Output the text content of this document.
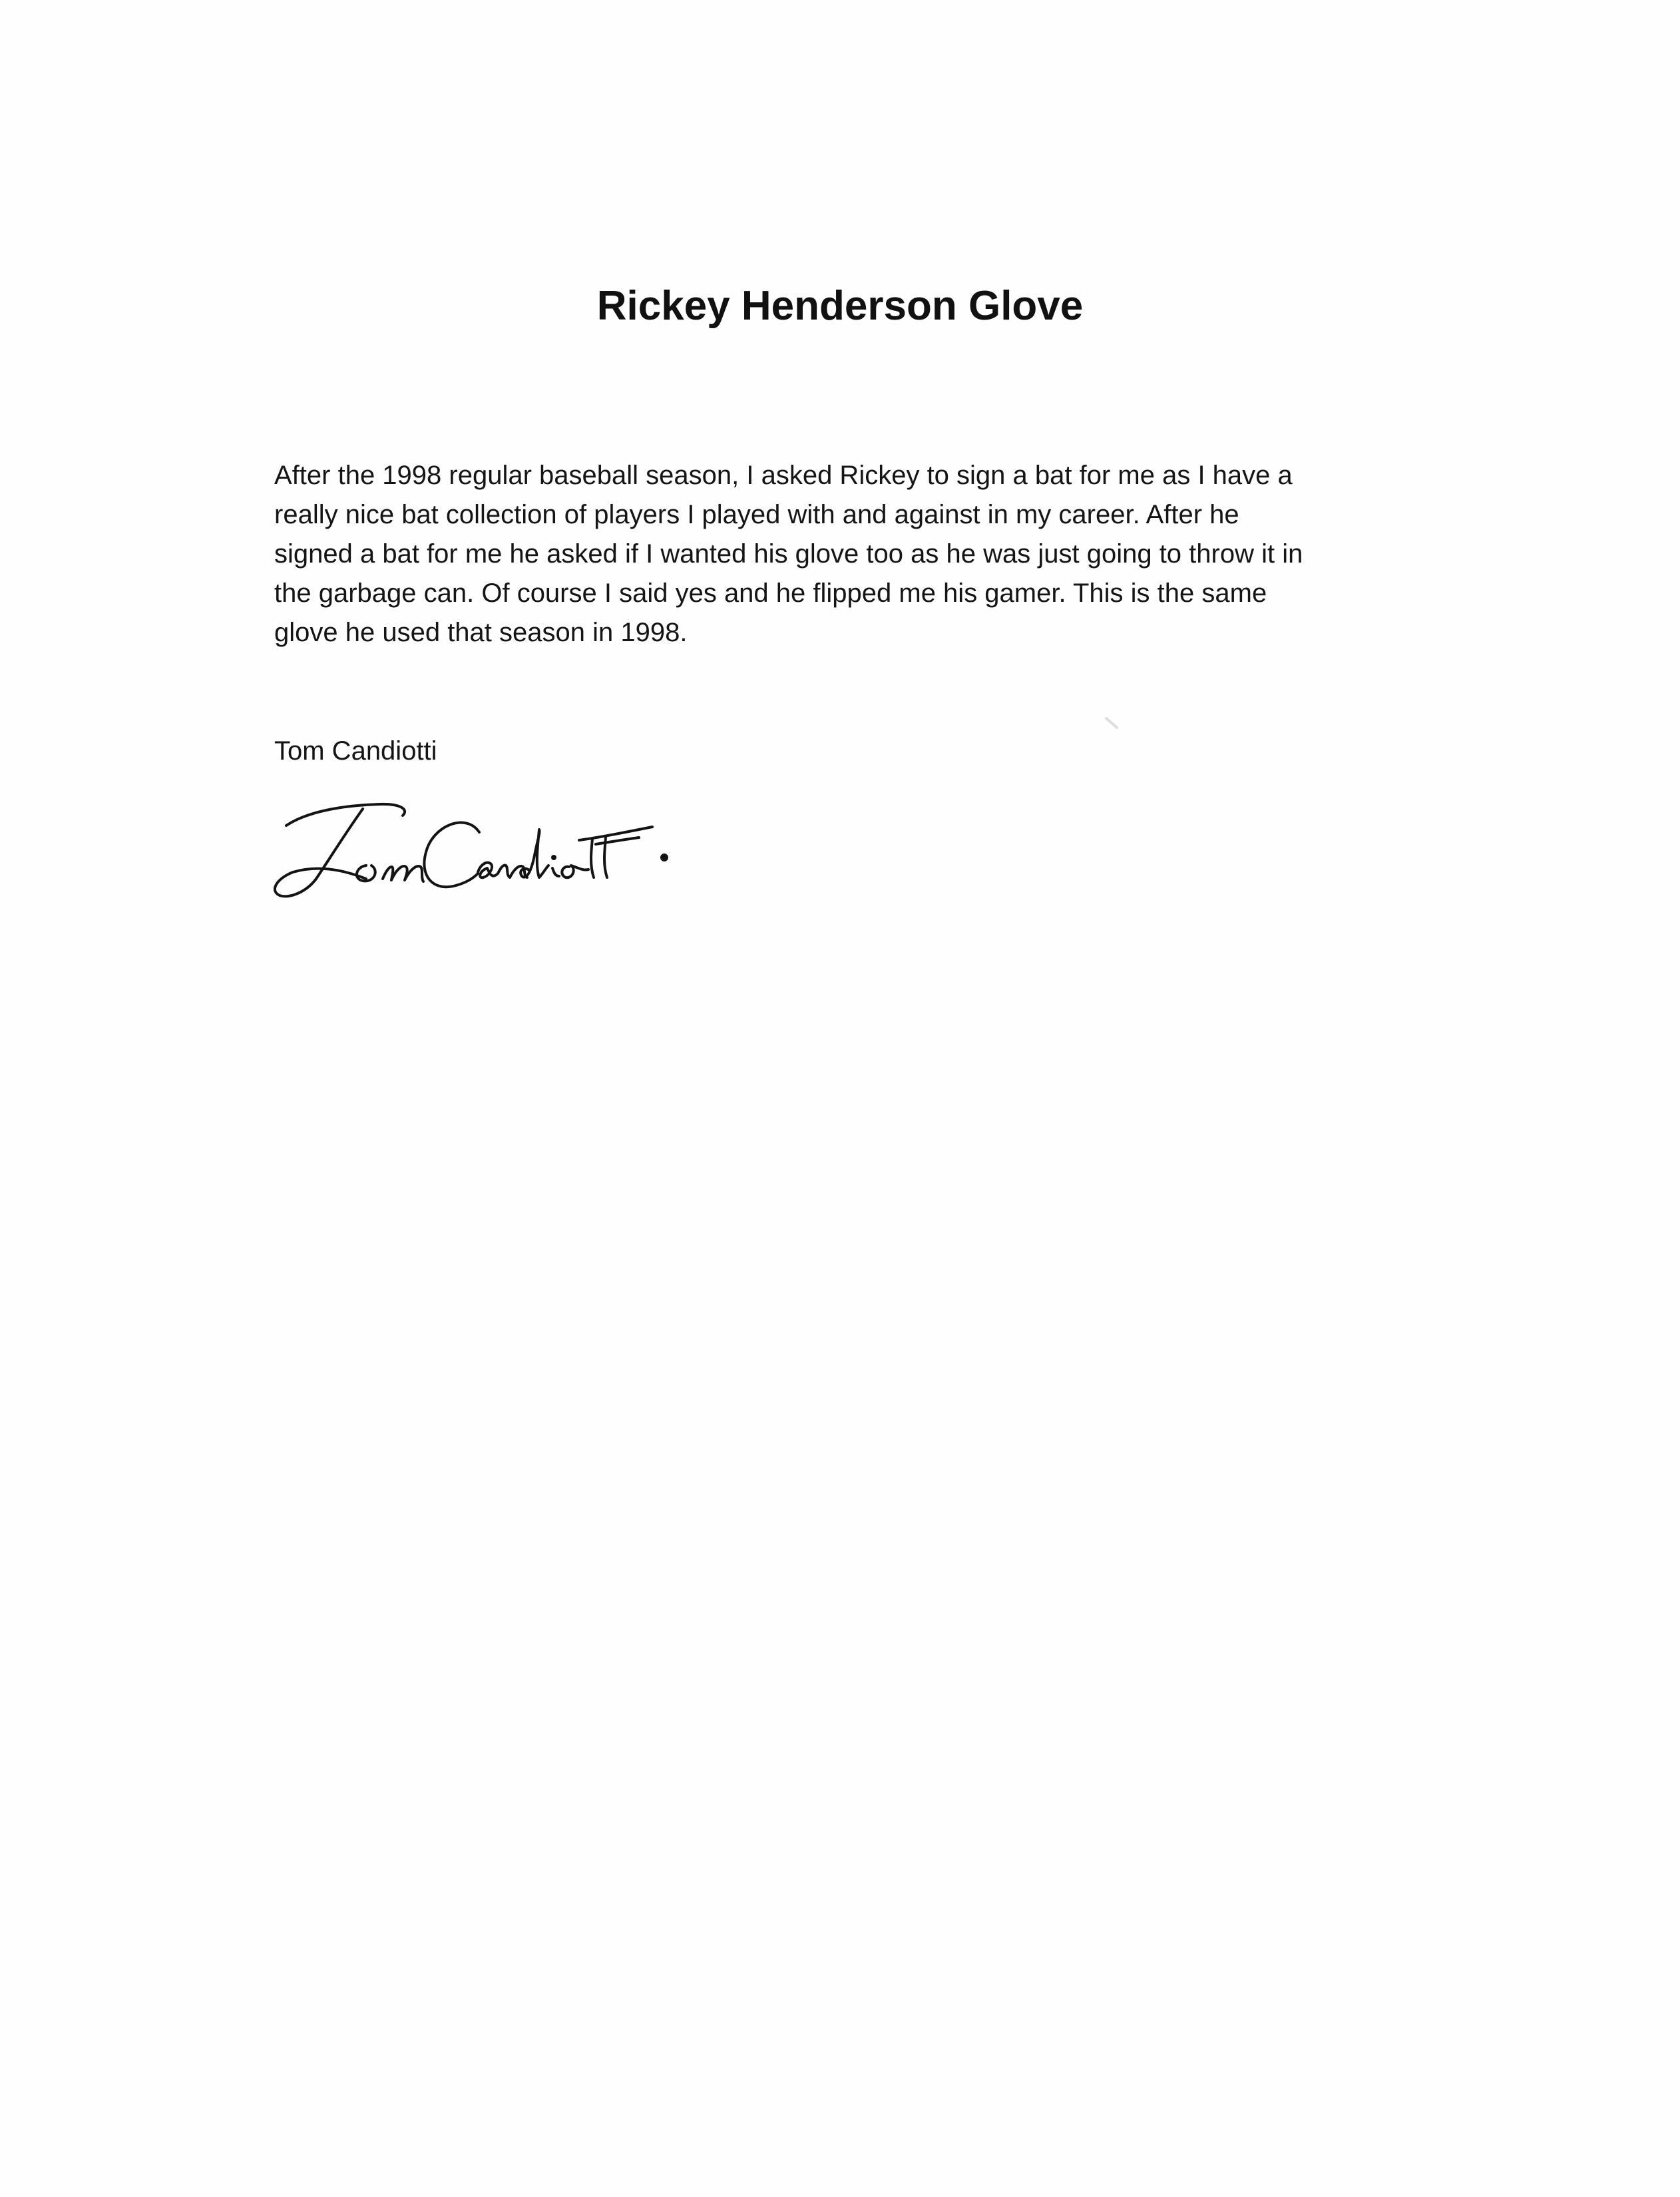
Rickey Henderson Glove

After the 1998 regular baseball season, I asked Rickey to sign a bat for me as I have a
really nice bat collection of players I played with and against in my career. After he
signed a bat for me he asked if I wanted his glove too as he was just going to throw it in
the garbage can. Of course I said yes and he flipped me his gamer. This is the same
glove he used that season in 1998.

Tom Candiotti
